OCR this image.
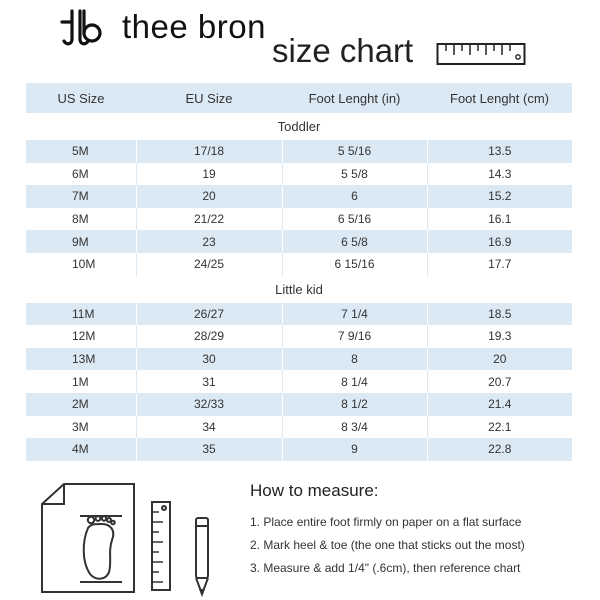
thee bron
size chart
US Size	EU Size	Foot Lenght (in)	Foot Lenght (cm)
Toddler			
5M	17/18	5 5/16	13.5
6M	19	5 5/8	14.3
7M	20	6	15.2
8M	21/22	6 5/16	16.1
9M	23	6 5/8	16.9
10M	24/25	6 15/16	17.7
Little kid			
11M	26/27	7 1/4	18.5
12M	28/29	7 9/16	19.3
13M	30	8	20
1M	31	8 1/4	20.7
2M	32/33	8 1/2	21.4
3M	34	8 3/4	22.1
4M	35	9	22.8
How to measure:
1. Place entire foot firmly on paper on a flat surface
2. Mark heel & toe (the one that sticks out the most)
3. Measure & add 1/4" (.6cm), then reference chart
